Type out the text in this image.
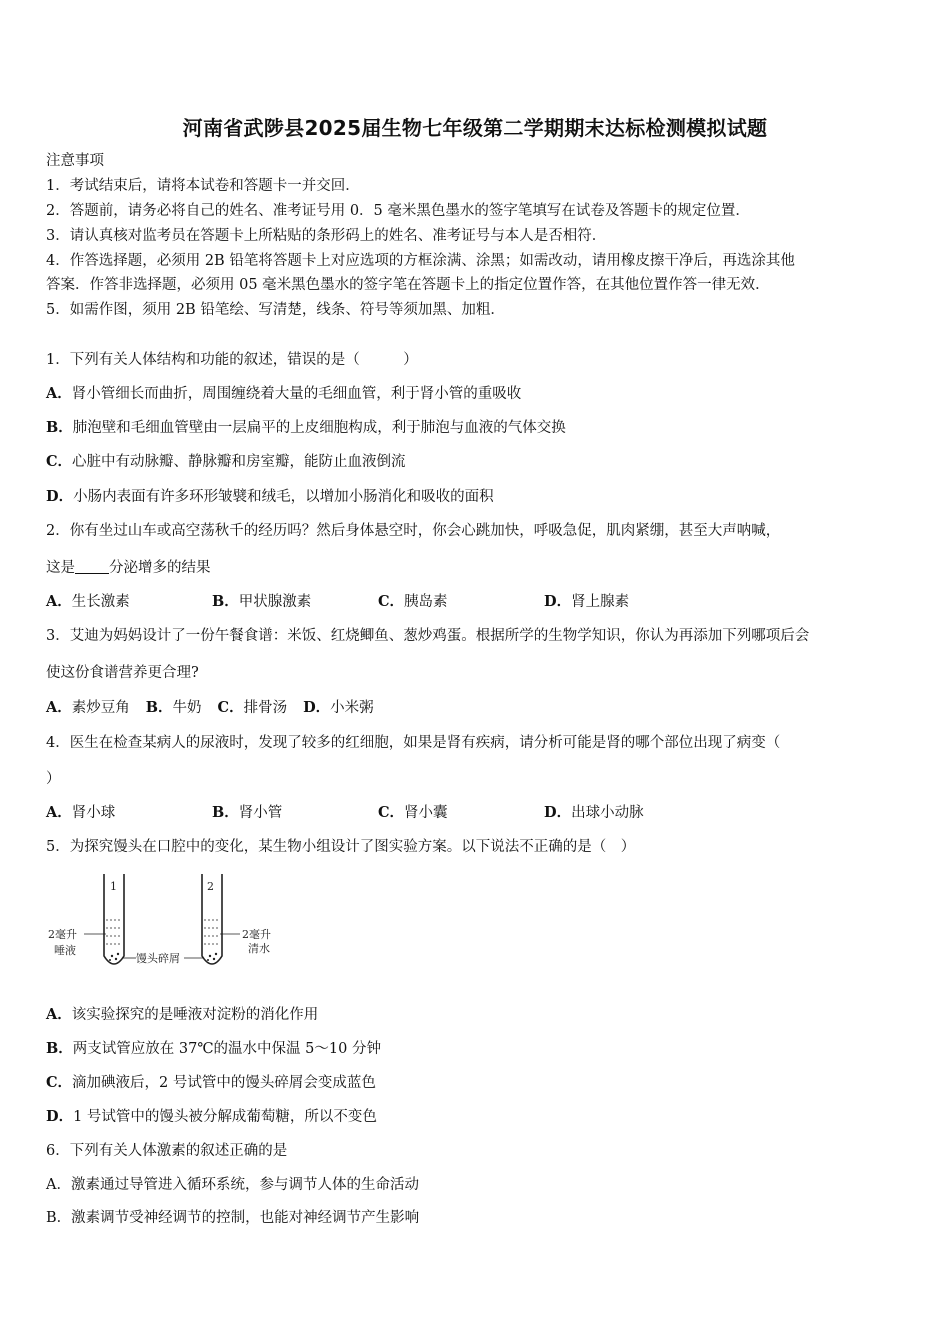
河南省武陟县2025届生物七年级第二学期期末达标检测模拟试题
注意事项
1．考试结束后，请将本试卷和答题卡一并交回．
2．答题前，请务必将自己的姓名、准考证号用 0．5 毫米黑色墨水的签字笔填写在试卷及答题卡的规定位置．
3．请认真核对监考员在答题卡上所粘贴的条形码上的姓名、准考证号与本人是否相符．
4．作答选择题，必须用 2B 铅笔将答题卡上对应选项的方框涂满、涂黑；如需改动，请用橡皮擦干净后，再选涂其他
答案．作答非选择题，必须用 05 毫米黑色墨水的签字笔在答题卡上的指定位置作答，在其他位置作答一律无效．
5．如需作图，须用 2B 铅笔绘、写清楚，线条、符号等须加黑、加粗．
1．下列有关人体结构和功能的叙述，错误的是（　　　）
A．肾小管细长而曲折，周围缠绕着大量的毛细血管，利于肾小管的重吸收
B．肺泡壁和毛细血管壁由一层扁平的上皮细胞构成，利于肺泡与血液的气体交换
C．心脏中有动脉瓣、静脉瓣和房室瓣，能防止血液倒流
D．小肠内表面有许多环形皱襞和绒毛，以增加小肠消化和吸收的面积
2．你有坐过山车或高空荡秋千的经历吗？然后身体悬空时，你会心跳加快，呼吸急促，肌肉紧绷，甚至大声呐喊，
这是 分泌增多的结果
A．生长激素	B．甲状腺激素	C．胰岛素	D．肾上腺素
3．艾迪为妈妈设计了一份午餐食谱：米饭、红烧鲫鱼、葱炒鸡蛋。根据所学的生物学知识，你认为再添加下列哪项后会
使这份食谱营养更合理?
A．素炒豆角 B．牛奶 C．排骨汤 D．小米粥
4．医生在检查某病人的尿液时，发现了较多的红细胞，如果是肾有疾病，请分析可能是肾的哪个部位出现了病变（
）
A．肾小球	B．肾小管	C．肾小囊	D．出球小动脉
5．为探究馒头在口腔中的变化，某生物小组设计了图实验方案。以下说法不正确的是（　）
1	2
2毫升
唾液
馒头碎屑
2毫升
清水
A．该实验探究的是唾液对淀粉的消化作用
B．两支试管应放在 37℃的温水中保温 5～10 分钟
C．滴加碘液后，2 号试管中的馒头碎屑会变成蓝色
D．1 号试管中的馒头被分解成葡萄糖，所以不变色
6．下列有关人体激素的叙述正确的是
A．激素通过导管进入循环系统，参与调节人体的生命活动
B．激素调节受神经调节的控制，也能对神经调节产生影响
